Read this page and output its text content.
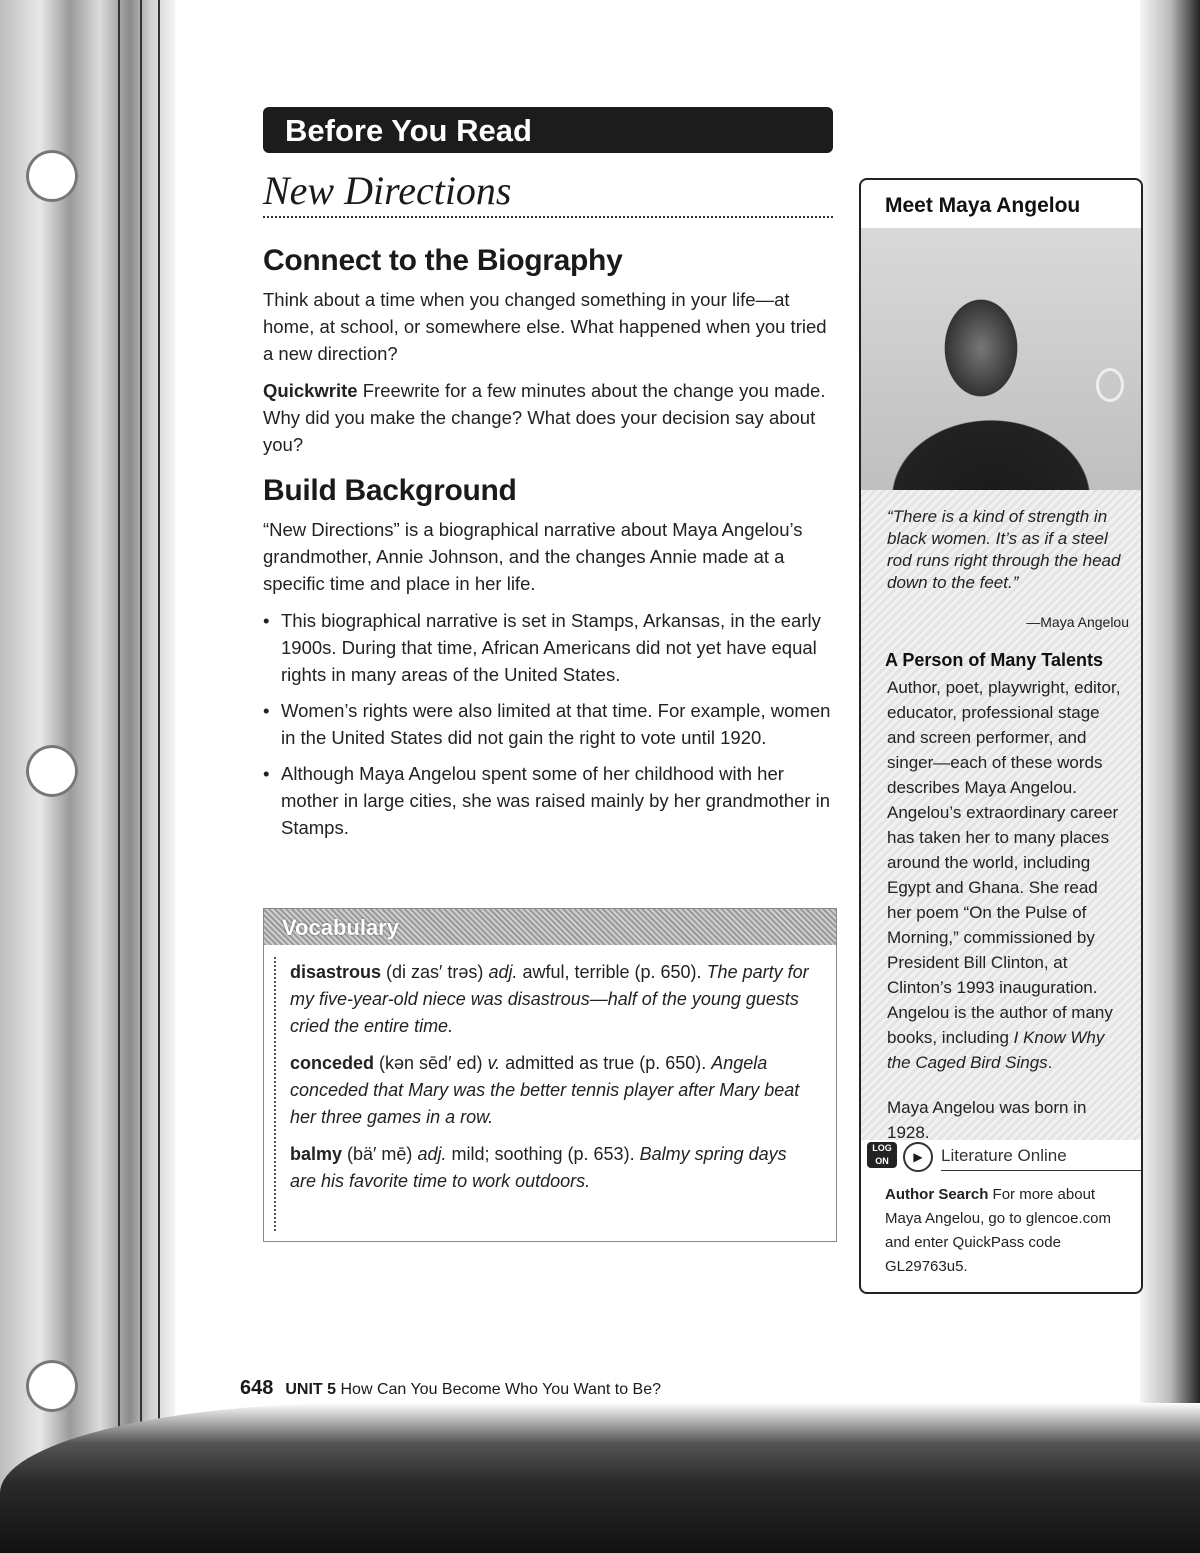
Before You Read
New Directions
Connect to the Biography

Think about a time when you changed something in your life—at home, at school, or somewhere else. What happened when you tried a new direction?

Quickwrite Freewrite for a few minutes about the change you made. Why did you make the change? What does your decision say about you?

Build Background

“New Directions” is a biographical narrative about Maya Angelou’s grandmother, Annie Johnson, and the changes Annie made at a specific time and place in her life.

• This biographical narrative is set in Stamps, Arkansas, in the early 1900s. During that time, African Americans did not yet have equal rights in many areas of the United States.
• Women’s rights were also limited at that time. For example, women in the United States did not gain the right to vote until 1920.
• Although Maya Angelou spent some of her childhood with her mother in large cities, she was raised mainly by her grandmother in Stamps.
Vocabulary

disastrous (di zas′ trəs) adj. awful, terrible (p. 650). The party for my five-year-old niece was disastrous—half of the young guests cried the entire time.

conceded (kən sēd′ ed) v. admitted as true (p. 650). Angela conceded that Mary was the better tennis player after Mary beat her three games in a row.

balmy (bä′ mē) adj. mild; soothing (p. 653). Balmy spring days are his favorite time to work outdoors.

Meet Maya Angelou
“There is a kind of strength in black women. It’s as if a steel rod runs right through the head down to the feet.”
—Maya Angelou
A Person of Many Talents
Author, poet, playwright, editor, educator, professional stage and screen performer, and singer—each of these words describes Maya Angelou. Angelou’s extraordinary career has taken her to many places around the world, including Egypt and Ghana. She read her poem “On the Pulse of Morning,” commissioned by President Bill Clinton, at Clinton’s 1993 inauguration. Angelou is the author of many books, including I Know Why the Caged Bird Sings.
Maya Angelou was born in 1928.
LOG ON	▶	Literature Online
Author Search For more about Maya Angelou, go to glencoe.com and enter QuickPass code GL29763u5.
648 UNIT 5 How Can You Become Who You Want to Be?
